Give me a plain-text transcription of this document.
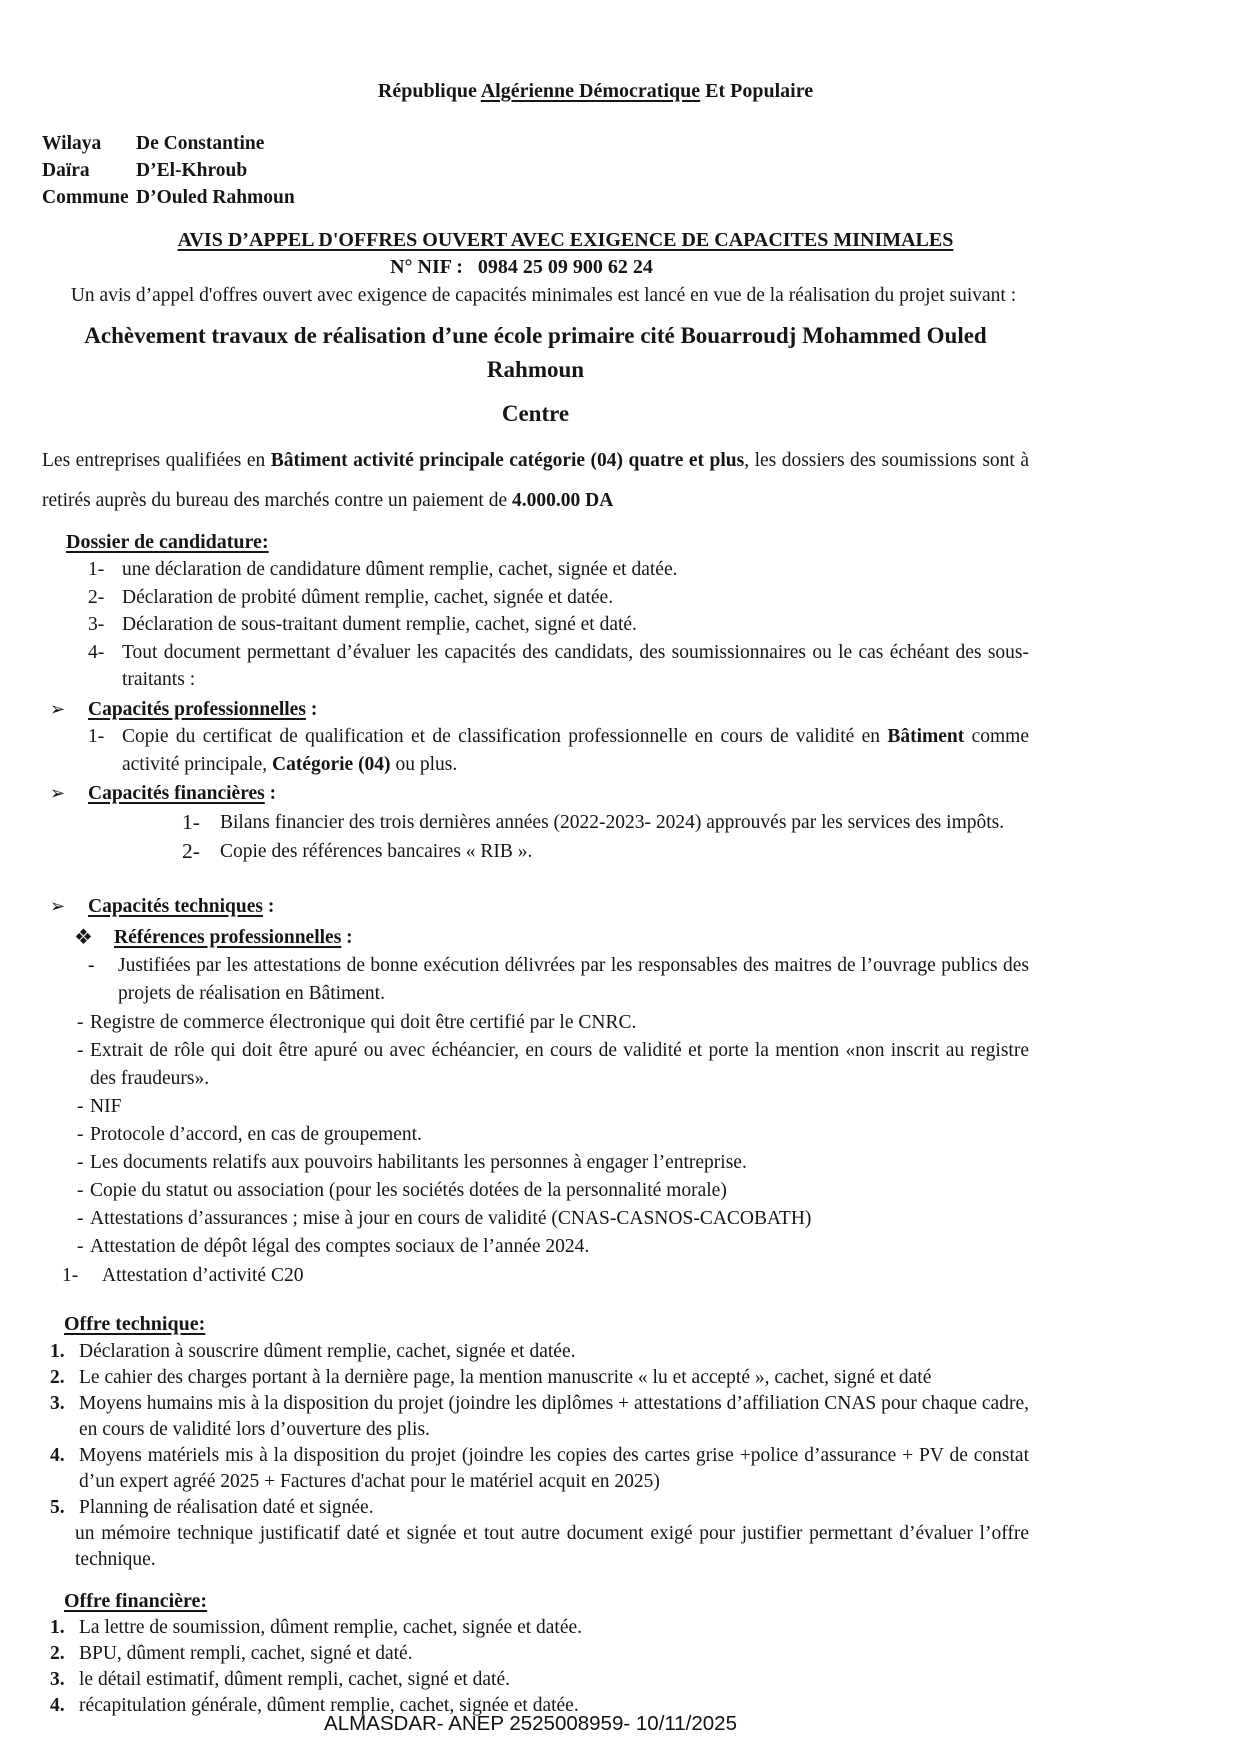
République Algérienne Démocratique Et Populaire
Wilaya	De Constantine
Daïra	D’El-Khroub
Commune D’Ouled Rahmoun
AVIS D’APPEL D'OFFRES OUVERT AVEC EXIGENCE DE CAPACITES MINIMALES
N° NIF : 0984 25 09 900 62 24
Un avis d’appel d'offres ouvert avec exigence de capacités minimales est lancé en vue de la réalisation du projet suivant :
Achèvement travaux de réalisation d’une école primaire cité Bouarroudj Mohammed Ouled Rahmoun
Centre

Les entreprises qualifiées en Bâtiment activité principale catégorie (04) quatre et plus, les dossiers des soumissions sont à retirés auprès du bureau des marchés contre un paiement de 4.000.00 DA

Dossier de candidature:
1- une déclaration de candidature dûment remplie, cachet, signée et datée.
2- Déclaration de probité dûment remplie, cachet, signée et datée.
3- Déclaration de sous-traitant dument remplie, cachet, signé et daté.
4- Tout document permettant d’évaluer les capacités des candidats, des soumissionnaires ou le cas échéant des sous-traitants :
➢	Capacités professionnelles :
1- Copie du certificat de qualification et de classification professionnelle en cours de validité en Bâtiment comme activité principale, Catégorie (04) ou plus.
➢	Capacités financières :
1-	Bilans financier des trois dernières années (2022-2023- 2024) approuvés par les services des impôts.
2-	Copie des références bancaires « RIB ».
➢	Capacités techniques :
❖	Références professionnelles :
-	Justifiées par les attestations de bonne exécution délivrées par les responsables des maitres de l’ouvrage publics des projets de réalisation en Bâtiment.
- Registre de commerce électronique qui doit être certifié par le CNRC.
- Extrait de rôle qui doit être apuré ou avec échéancier, en cours de validité et porte la mention «non inscrit au registre des fraudeurs».
- NIF
- Protocole d’accord, en cas de groupement.
- Les documents relatifs aux pouvoirs habilitants les personnes à engager l’entreprise.
- Copie du statut ou association (pour les sociétés dotées de la personnalité morale)
- Attestations d’assurances ; mise à jour en cours de validité (CNAS-CASNOS-CACOBATH)
- Attestation de dépôt légal des comptes sociaux de l’année 2024.
1-	Attestation d’activité C20
Offre technique:
1. Déclaration à souscrire dûment remplie, cachet, signée et datée.
2. Le cahier des charges portant à la dernière page, la mention manuscrite « lu et accepté », cachet, signé et daté
3. Moyens humains mis à la disposition du projet (joindre les diplômes + attestations d’affiliation CNAS pour chaque cadre, en cours de validité lors d’ouverture des plis.
4. Moyens matériels mis à la disposition du projet (joindre les copies des cartes grise +police d’assurance + PV de constat d’un expert agréé 2025 + Factures d'achat pour le matériel acquit en 2025)
5. Planning de réalisation daté et signée.

un mémoire technique justificatif daté et signée et tout autre document exigé pour justifier permettant d’évaluer l’offre technique.

Offre financière:
1. La lettre de soumission, dûment remplie, cachet, signée et datée.
2. BPU, dûment rempli, cachet, signé et daté.
3. le détail estimatif, dûment rempli, cachet, signé et daté.
4. récapitulation générale, dûment remplie, cachet, signée et datée.
ALMASDAR- ANEP 2525008959- 10/11/2025
